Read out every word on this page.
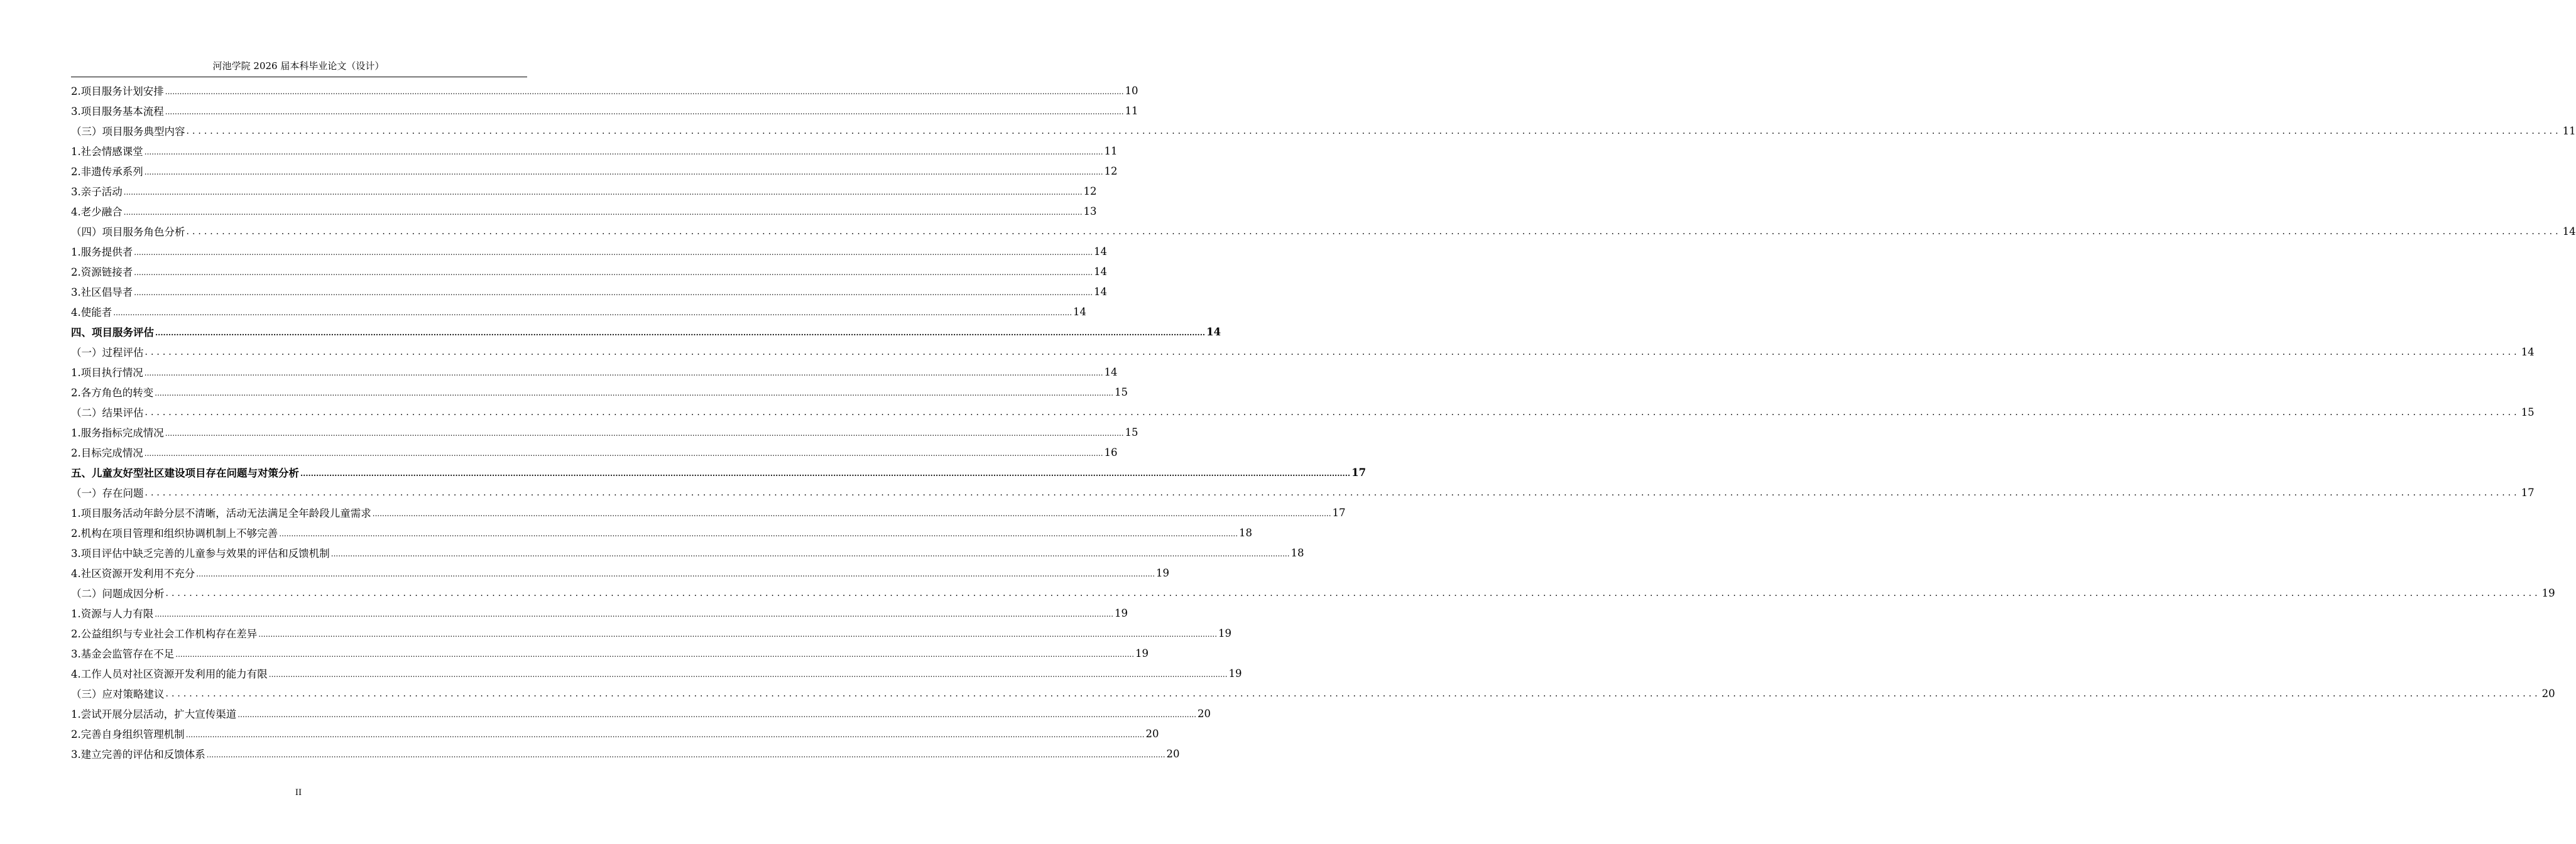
河池学院 2026 届本科毕业论文（设计）
2.项目服务计划安排 ................................................................................................................................................................................................................................................................................................................................................................................................................ 10
3.项目服务基本流程 ................................................................................................................................................................................................................................................................................................................................................................................................................ 11
（三）项目服务典型内容 ................................................................................................................................................................................................................................................................................................................................................................................................................ 11
1.社会情感课堂 ................................................................................................................................................................................................................................................................................................................................................................................................................ 11
2.非遗传承系列 ................................................................................................................................................................................................................................................................................................................................................................................................................ 12
3.亲子活动 ................................................................................................................................................................................................................................................................................................................................................................................................................ 12
4.老少融合 ................................................................................................................................................................................................................................................................................................................................................................................................................ 13
（四）项目服务角色分析 ................................................................................................................................................................................................................................................................................................................................................................................................................ 14
1.服务提供者 ................................................................................................................................................................................................................................................................................................................................................................................................................ 14
2.资源链接者 ................................................................................................................................................................................................................................................................................................................................................................................................................ 14
3.社区倡导者 ................................................................................................................................................................................................................................................................................................................................................................................................................ 14
4.使能者 ................................................................................................................................................................................................................................................................................................................................................................................................................ 14
四、项目服务评估 ................................................................................................................................................................................................................................................................................................................................................................................................................ 14
（一）过程评估 ................................................................................................................................................................................................................................................................................................................................................................................................................ 14
1.项目执行情况 ................................................................................................................................................................................................................................................................................................................................................................................................................ 14
2.各方角色的转变 ................................................................................................................................................................................................................................................................................................................................................................................................................ 15
（二）结果评估 ................................................................................................................................................................................................................................................................................................................................................................................................................ 15
1.服务指标完成情况 ................................................................................................................................................................................................................................................................................................................................................................................................................ 15
2.目标完成情况 ................................................................................................................................................................................................................................................................................................................................................................................................................ 16
五、儿童友好型社区建设项目存在问题与对策分析 ................................................................................................................................................................................................................................................................................................................................................................................................................ 17
（一）存在问题 ................................................................................................................................................................................................................................................................................................................................................................................................................ 17
1.项目服务活动年龄分层不清晰，活动无法满足全年龄段儿童需求 ................................................................................................................................................................................................................................................................................................................................................................................................................ 17
2.机构在项目管理和组织协调机制上不够完善 ................................................................................................................................................................................................................................................................................................................................................................................................................ 18
3.项目评估中缺乏完善的儿童参与效果的评估和反馈机制 ................................................................................................................................................................................................................................................................................................................................................................................................................ 18
4.社区资源开发利用不充分 ................................................................................................................................................................................................................................................................................................................................................................................................................ 19
（二）问题成因分析 ................................................................................................................................................................................................................................................................................................................................................................................................................ 19
1.资源与人力有限 ................................................................................................................................................................................................................................................................................................................................................................................................................ 19
2.公益组织与专业社会工作机构存在差异 ................................................................................................................................................................................................................................................................................................................................................................................................................ 19
3.基金会监管存在不足 ................................................................................................................................................................................................................................................................................................................................................................................................................ 19
4.工作人员对社区资源开发利用的能力有限 ................................................................................................................................................................................................................................................................................................................................................................................................................ 19
（三）应对策略建议 ................................................................................................................................................................................................................................................................................................................................................................................................................ 20
1.尝试开展分层活动，扩大宣传渠道 ................................................................................................................................................................................................................................................................................................................................................................................................................ 20
2.完善自身组织管理机制 ................................................................................................................................................................................................................................................................................................................................................................................................................ 20
3.建立完善的评估和反馈体系 ................................................................................................................................................................................................................................................................................................................................................................................................................ 20
II
